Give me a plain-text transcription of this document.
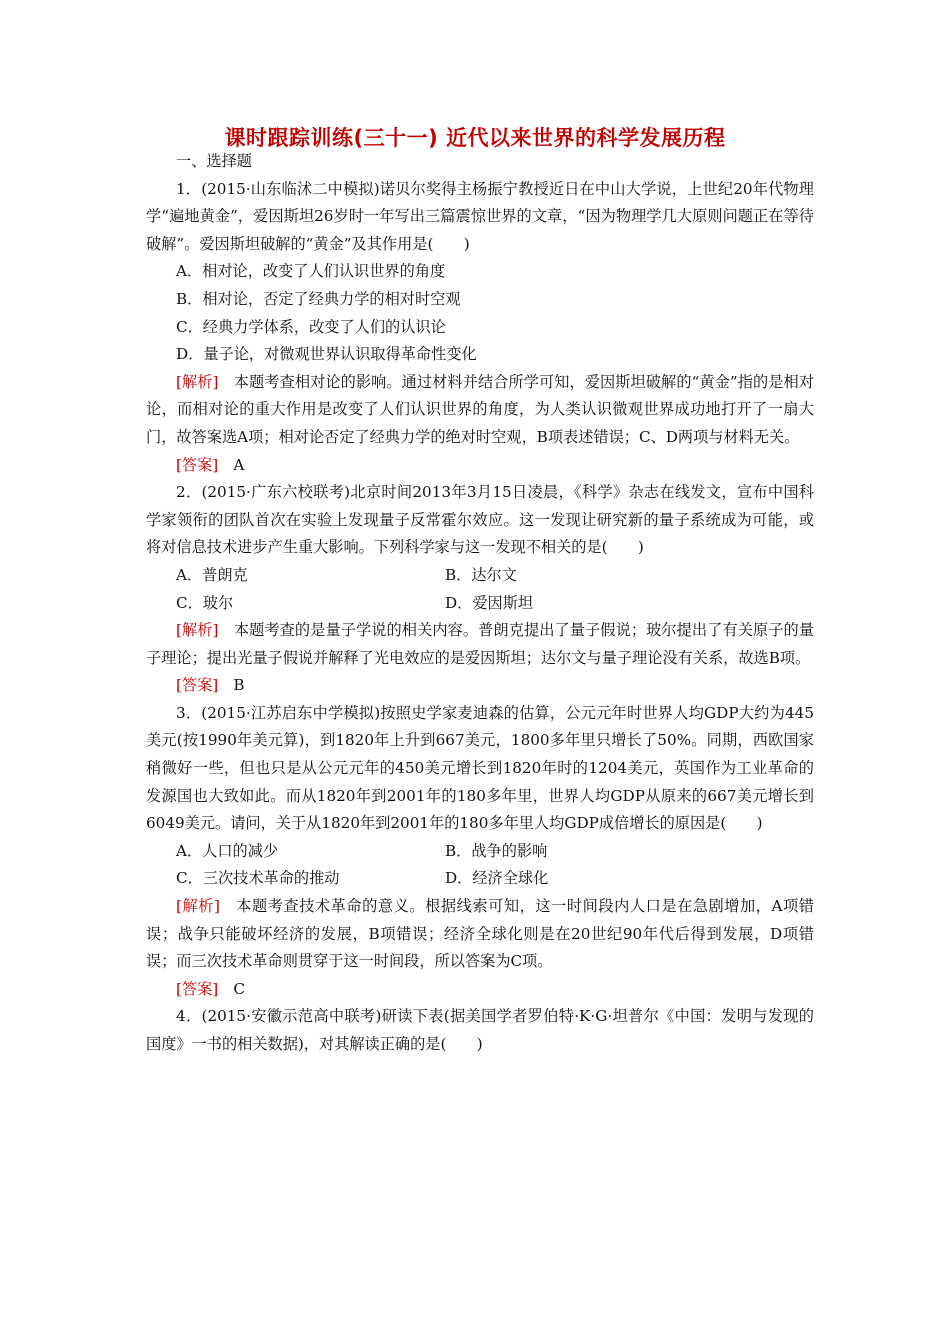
课时跟踪训练(三十一) 近代以来世界的科学发展历程

一、选择题

1．(2015·山东临沭二中模拟)诺贝尔奖得主杨振宁教授近日在中山大学说，上世纪20年代物理学“遍地黄金”，爱因斯坦26岁时一年写出三篇震惊世界的文章，“因为物理学几大原则问题正在等待破解”。爱因斯坦破解的“黄金”及其作用是(　　)

A．相对论，改变了人们认识世界的角度

B．相对论，否定了经典力学的相对时空观

C．经典力学体系，改变了人们的认识论

D．量子论，对微观世界认识取得革命性变化

[解析]　本题考查相对论的影响。通过材料并结合所学可知，爱因斯坦破解的“黄金”指的是相对论，而相对论的重大作用是改变了人们认识世界的角度，为人类认识微观世界成功地打开了一扇大门，故答案选A项；相对论否定了经典力学的绝对时空观，B项表述错误；C、D两项与材料无关。

[答案]　A

2．(2015·广东六校联考)北京时间2013年3月15日凌晨，《科学》杂志在线发文，宣布中国科学家领衔的团队首次在实验上发现量子反常霍尔效应。这一发现让研究新的量子系统成为可能，或将对信息技术进步产生重大影响。下列科学家与这一发现不相关的是(　　)

A．普朗克	B．达尔文
C．玻尔	D．爱因斯坦

[解析]　本题考查的是量子学说的相关内容。普朗克提出了量子假说；玻尔提出了有关原子的量子理论；提出光量子假说并解释了光电效应的是爱因斯坦；达尔文与量子理论没有关系，故选B项。

[答案]　B

3．(2015·江苏启东中学模拟)按照史学家麦迪森的估算，公元元年时世界人均GDP大约为445美元(按1990年美元算)，到1820年上升到667美元，1800多年里只增长了50%。同期，西欧国家稍微好一些，但也只是从公元元年的450美元增长到1820年时的1204美元，英国作为工业革命的发源国也大致如此。而从1820年到2001年的180多年里，世界人均GDP从原来的667美元增长到6049美元。请问，关于从1820年到2001年的180多年里人均GDP成倍增长的原因是(　　)

A．人口的减少	B．战争的影响
C．三次技术革命的推动	D．经济全球化

[解析]　本题考查技术革命的意义。根据线索可知，这一时间段内人口是在急剧增加，A项错误；战争只能破坏经济的发展，B项错误；经济全球化则是在20世纪90年代后得到发展，D项错误；而三次技术革命则贯穿于这一时间段，所以答案为C项。

[答案]　C

4．(2015·安徽示范高中联考)研读下表(据美国学者罗伯特·K·G·坦普尔《中国：发明与发现的国度》一书的相关数据)，对其解读正确的是(　　)
